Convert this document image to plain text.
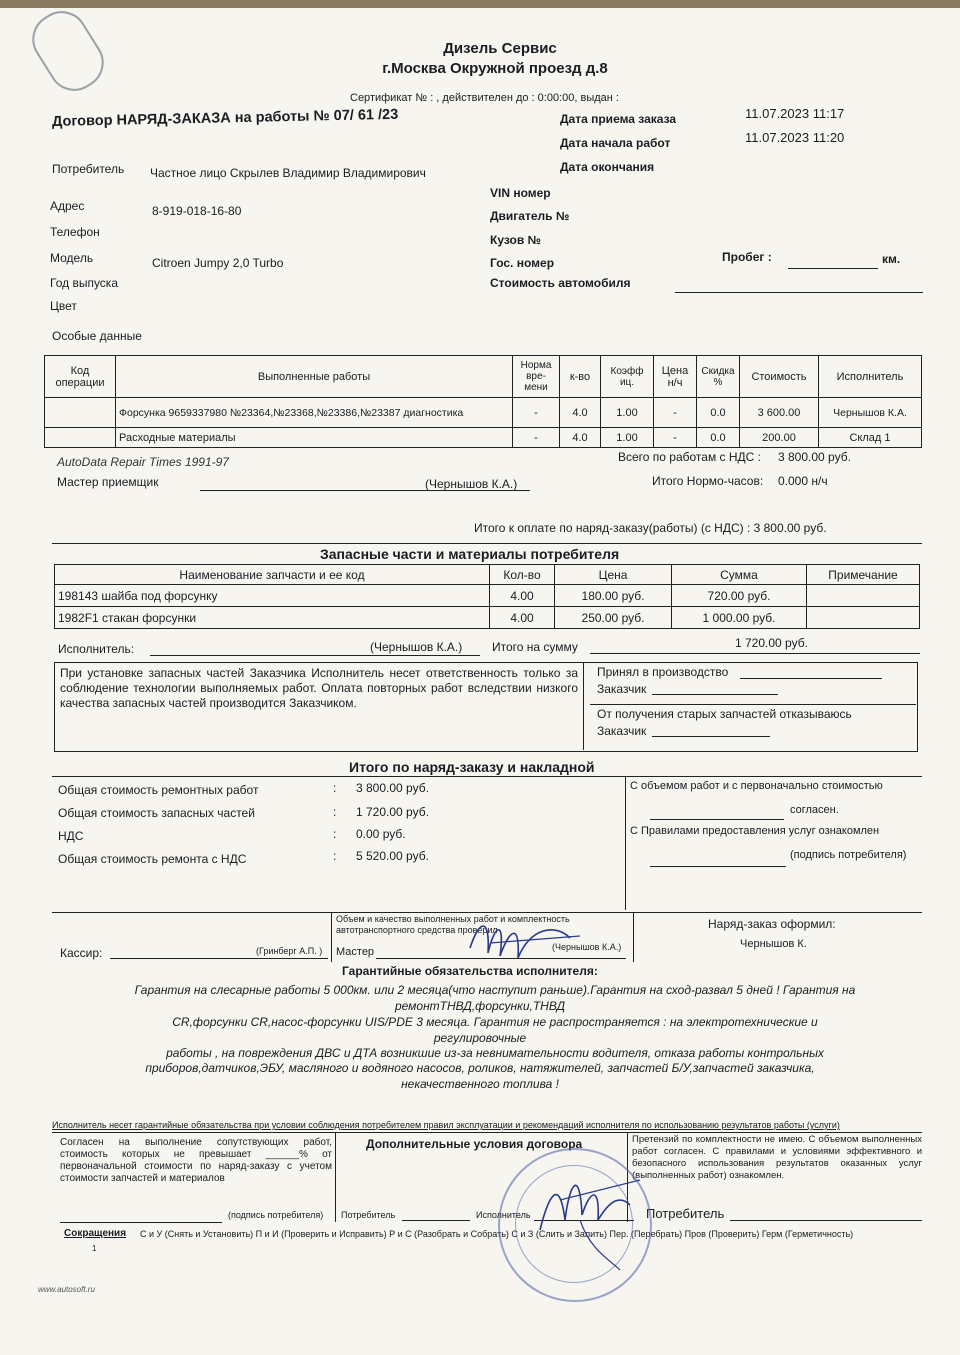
Дизель Сервис
г.Москва Окружной проезд д.8
Сертификат № : , действителен до : 0:00:00, выдан :
Договор НАРЯД-ЗАКАЗА на работы № 07/ 61 /23	Дата приема заказа	11.07.2023 11:17
Дата начала работ	11.07.2023 11:20
Дата окончания
Потребитель Частное лицо Скрылев Владимир Владимирович
Адрес	8-919-018-16-80
Телефон
Модель	Citroen Jumpy 2,0 Turbo
Год выпуска
Цвет
Особые данные
VIN номер
Двигатель №
Кузов №
Гос. номер
Стоимость автомобиля
Пробег :	км.
Код операции	Выполненные работы	Норма вре-мени	к-во	Коэфф иц.	Цена н/ч	Скидка %	Стоимость	Исполнитель
	Форсунка 9659337980 №23364,№23368,№23386,№23387 диагностика	-	4.0	1.00	-	0.0	3 600.00	Чернышов К.А.
	Расходные материалы	-	4.0	1.00	-	0.0	200.00	Склад 1
AutoData Repair Times 1991-97	Всего по работам с НДС : 3 800.00 руб.
Мастер приемщик	(Чернышов К.А.)	Итого Нормо-часов: 0.000 н/ч
Итого к оплате по наряд-заказу(работы) (с НДС) : 3 800.00 руб.
Запасные части и материалы потребителя
Наименование запчасти и ее код	Кол-во	Цена	Сумма	Примечание
198143 шайба под форсунку	4.00	180.00 руб.	720.00 руб.	
1982F1 стакан форсунки	4.00	250.00 руб.	1 000.00 руб.	
Исполнитель:	(Чернышов К.А.) Итого на сумму	1 720.00 руб.
При установке запасных частей Заказчика Исполнитель несет ответственность только за соблюдение технологии выполняемых работ. Оплата повторных работ вследствии низкого качества запасных частей производится Заказчиком.
Принял в производство
Заказчик
От получения старых запчастей отказываюсь
Заказчик
Итого по наряд-заказу и накладной
Общая стоимость ремонтных работ	: 3 800.00 руб.
Общая стоимость запасных частей	: 1 720.00 руб.
НДС	: 0.00 руб.
Общая стоимость ремонта с НДС	: 5 520.00 руб.
С объемом работ и с первоначально стоимостью
согласен.
С Правилами предоставления услуг ознакомлен
(подпись потребителя)
Объем и качество выполненных работ и комплектность автотранспортного средства проверил
Кассир:	(Гринберг А.П. ) Мастер	(Чернышов К.А.)
Наряд-заказ оформил:
Чернышов К.
Гарантийные обязательства исполнителя:
Гарантия на слесарные работы 5 000км. или 2 месяца(что наступит раньше).Гарантия на сход-развал 5 дней ! Гарантия на
ремонтТНВД,форсунки,ТНВД
CR,форсунки CR,насос-форсунки UIS/PDE 3 месяца. Гарантия не распространяется : на электротехнические и
регулировочные
работы , на повреждения ДВС и ДТА возникшие из-за невнимательности водителя, отказа работы контрольных
приборов,датчиков,ЭБУ, масляного и водяного насосов, роликов, натяжителей, запчастей Б/У,запчастей заказчика,
некачественного топлива !
Исполнитель несет гарантийные обязательства при условии соблюдения потребителем правил эксплуатации и рекомендаций исполнителя по использованию результатов работы (услуги)
Согласен на выполнение сопутствующих работ, стоимость которых не превышает ______% от первоначальной стоимости по наряд-заказу с учетом стоимости запчастей и материалов
(подпись потребителя)
Дополнительные условия договора	Претензий по комплектности не имею. С объемом выполненных работ согласен. С правилами и условиями эффективного и безопасного использования результатов оказанных услуг (выполненных работ) ознакомлен.
Потребитель	Исполнитель	Потребитель
Сокращения С и У (Снять и Установить) П и И (Проверить и Исправить) Р и С (Разобрать и Собрать) С и З (Слить и Залить) Пер. (Перебрать) Пров (Проверить) Герм (Герметичность)
1
www.autosoft.ru
